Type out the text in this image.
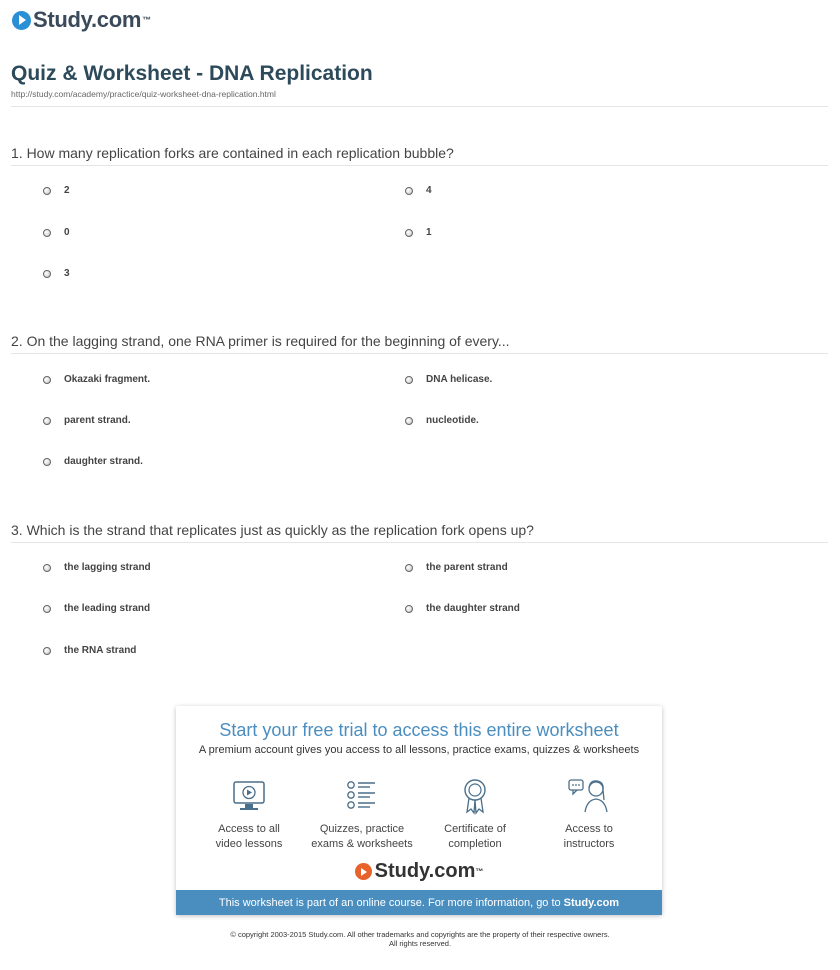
Study.com ™
Quiz & Worksheet - DNA Replication
http://study.com/academy/practice/quiz-worksheet-dna-replication.html
1. How many replication forks are contained in each replication bubble?
2	4
0	1
3
2. On the lagging strand, one RNA primer is required for the beginning of every...
Okazaki fragment.	DNA helicase.
parent strand.	nucleotide.
daughter strand.
3. Which is the strand that replicates just as quickly as the replication fork opens up?
the lagging strand	the parent strand
the leading strand	the daughter strand
the RNA strand
Start your free trial to access this entire worksheet
A premium account gives you access to all lessons, practice exams, quizzes & worksheets
Access to all
video lessons
Quizzes, practice
exams & worksheets
Certificate of
completion
Access to
instructors
Study.com ™
This worksheet is part of an online course. For more information, go to Study.com
© copyright 2003-2015 Study.com. All other trademarks and copyrights are the property of their respective owners.
All rights reserved.
